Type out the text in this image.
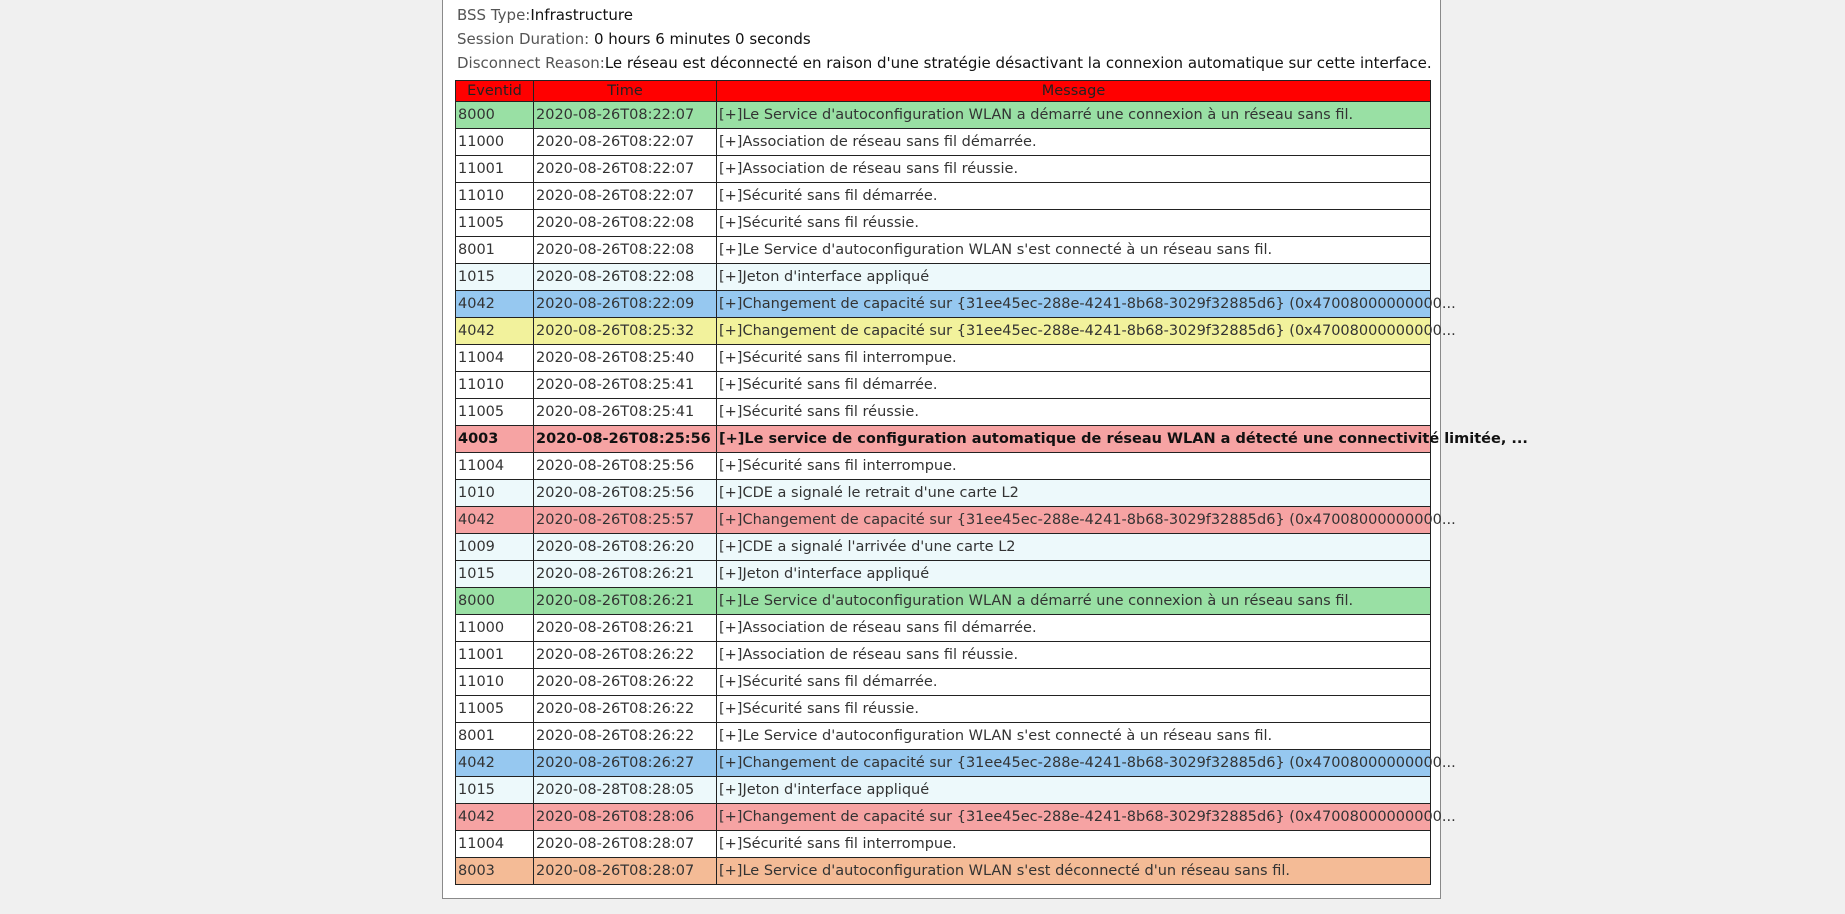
BSS Type:Infrastructure
Session Duration: 0 hours 6 minutes 0 seconds
Disconnect Reason:Le réseau est déconnecté en raison d'une stratégie désactivant la connexion automatique sur cette interface.
Eventid	Time	Message
8000	2020-08-26T08:22:07	[+]Le Service d'autoconfiguration WLAN a démarré une connexion à un réseau sans fil.
11000	2020-08-26T08:22:07	[+]Association de réseau sans fil démarrée.
11001	2020-08-26T08:22:07	[+]Association de réseau sans fil réussie.
11010	2020-08-26T08:22:07	[+]Sécurité sans fil démarrée.
11005	2020-08-26T08:22:08	[+]Sécurité sans fil réussie.
8001	2020-08-26T08:22:08	[+]Le Service d'autoconfiguration WLAN s'est connecté à un réseau sans fil.
1015	2020-08-26T08:22:08	[+]Jeton d'interface appliqué
4042	2020-08-26T08:22:09	[+]Changement de capacité sur {31ee45ec-288e-4241-8b68-3029f32885d6} (0x47008000000000...
4042	2020-08-26T08:25:32	[+]Changement de capacité sur {31ee45ec-288e-4241-8b68-3029f32885d6} (0x47008000000000...
11004	2020-08-26T08:25:40	[+]Sécurité sans fil interrompue.
11010	2020-08-26T08:25:41	[+]Sécurité sans fil démarrée.
11005	2020-08-26T08:25:41	[+]Sécurité sans fil réussie.
4003	2020-08-26T08:25:56	[+]Le service de configuration automatique de réseau WLAN a détecté une connectivité limitée, ...
11004	2020-08-26T08:25:56	[+]Sécurité sans fil interrompue.
1010	2020-08-26T08:25:56	[+]CDE a signalé le retrait d'une carte L2
4042	2020-08-26T08:25:57	[+]Changement de capacité sur {31ee45ec-288e-4241-8b68-3029f32885d6} (0x47008000000000...
1009	2020-08-26T08:26:20	[+]CDE a signalé l'arrivée d'une carte L2
1015	2020-08-26T08:26:21	[+]Jeton d'interface appliqué
8000	2020-08-26T08:26:21	[+]Le Service d'autoconfiguration WLAN a démarré une connexion à un réseau sans fil.
11000	2020-08-26T08:26:21	[+]Association de réseau sans fil démarrée.
11001	2020-08-26T08:26:22	[+]Association de réseau sans fil réussie.
11010	2020-08-26T08:26:22	[+]Sécurité sans fil démarrée.
11005	2020-08-26T08:26:22	[+]Sécurité sans fil réussie.
8001	2020-08-26T08:26:22	[+]Le Service d'autoconfiguration WLAN s'est connecté à un réseau sans fil.
4042	2020-08-26T08:26:27	[+]Changement de capacité sur {31ee45ec-288e-4241-8b68-3029f32885d6} (0x47008000000000...
1015	2020-08-28T08:28:05	[+]Jeton d'interface appliqué
4042	2020-08-26T08:28:06	[+]Changement de capacité sur {31ee45ec-288e-4241-8b68-3029f32885d6} (0x47008000000000...
11004	2020-08-26T08:28:07	[+]Sécurité sans fil interrompue.
8003	2020-08-26T08:28:07	[+]Le Service d'autoconfiguration WLAN s'est déconnecté d'un réseau sans fil.
